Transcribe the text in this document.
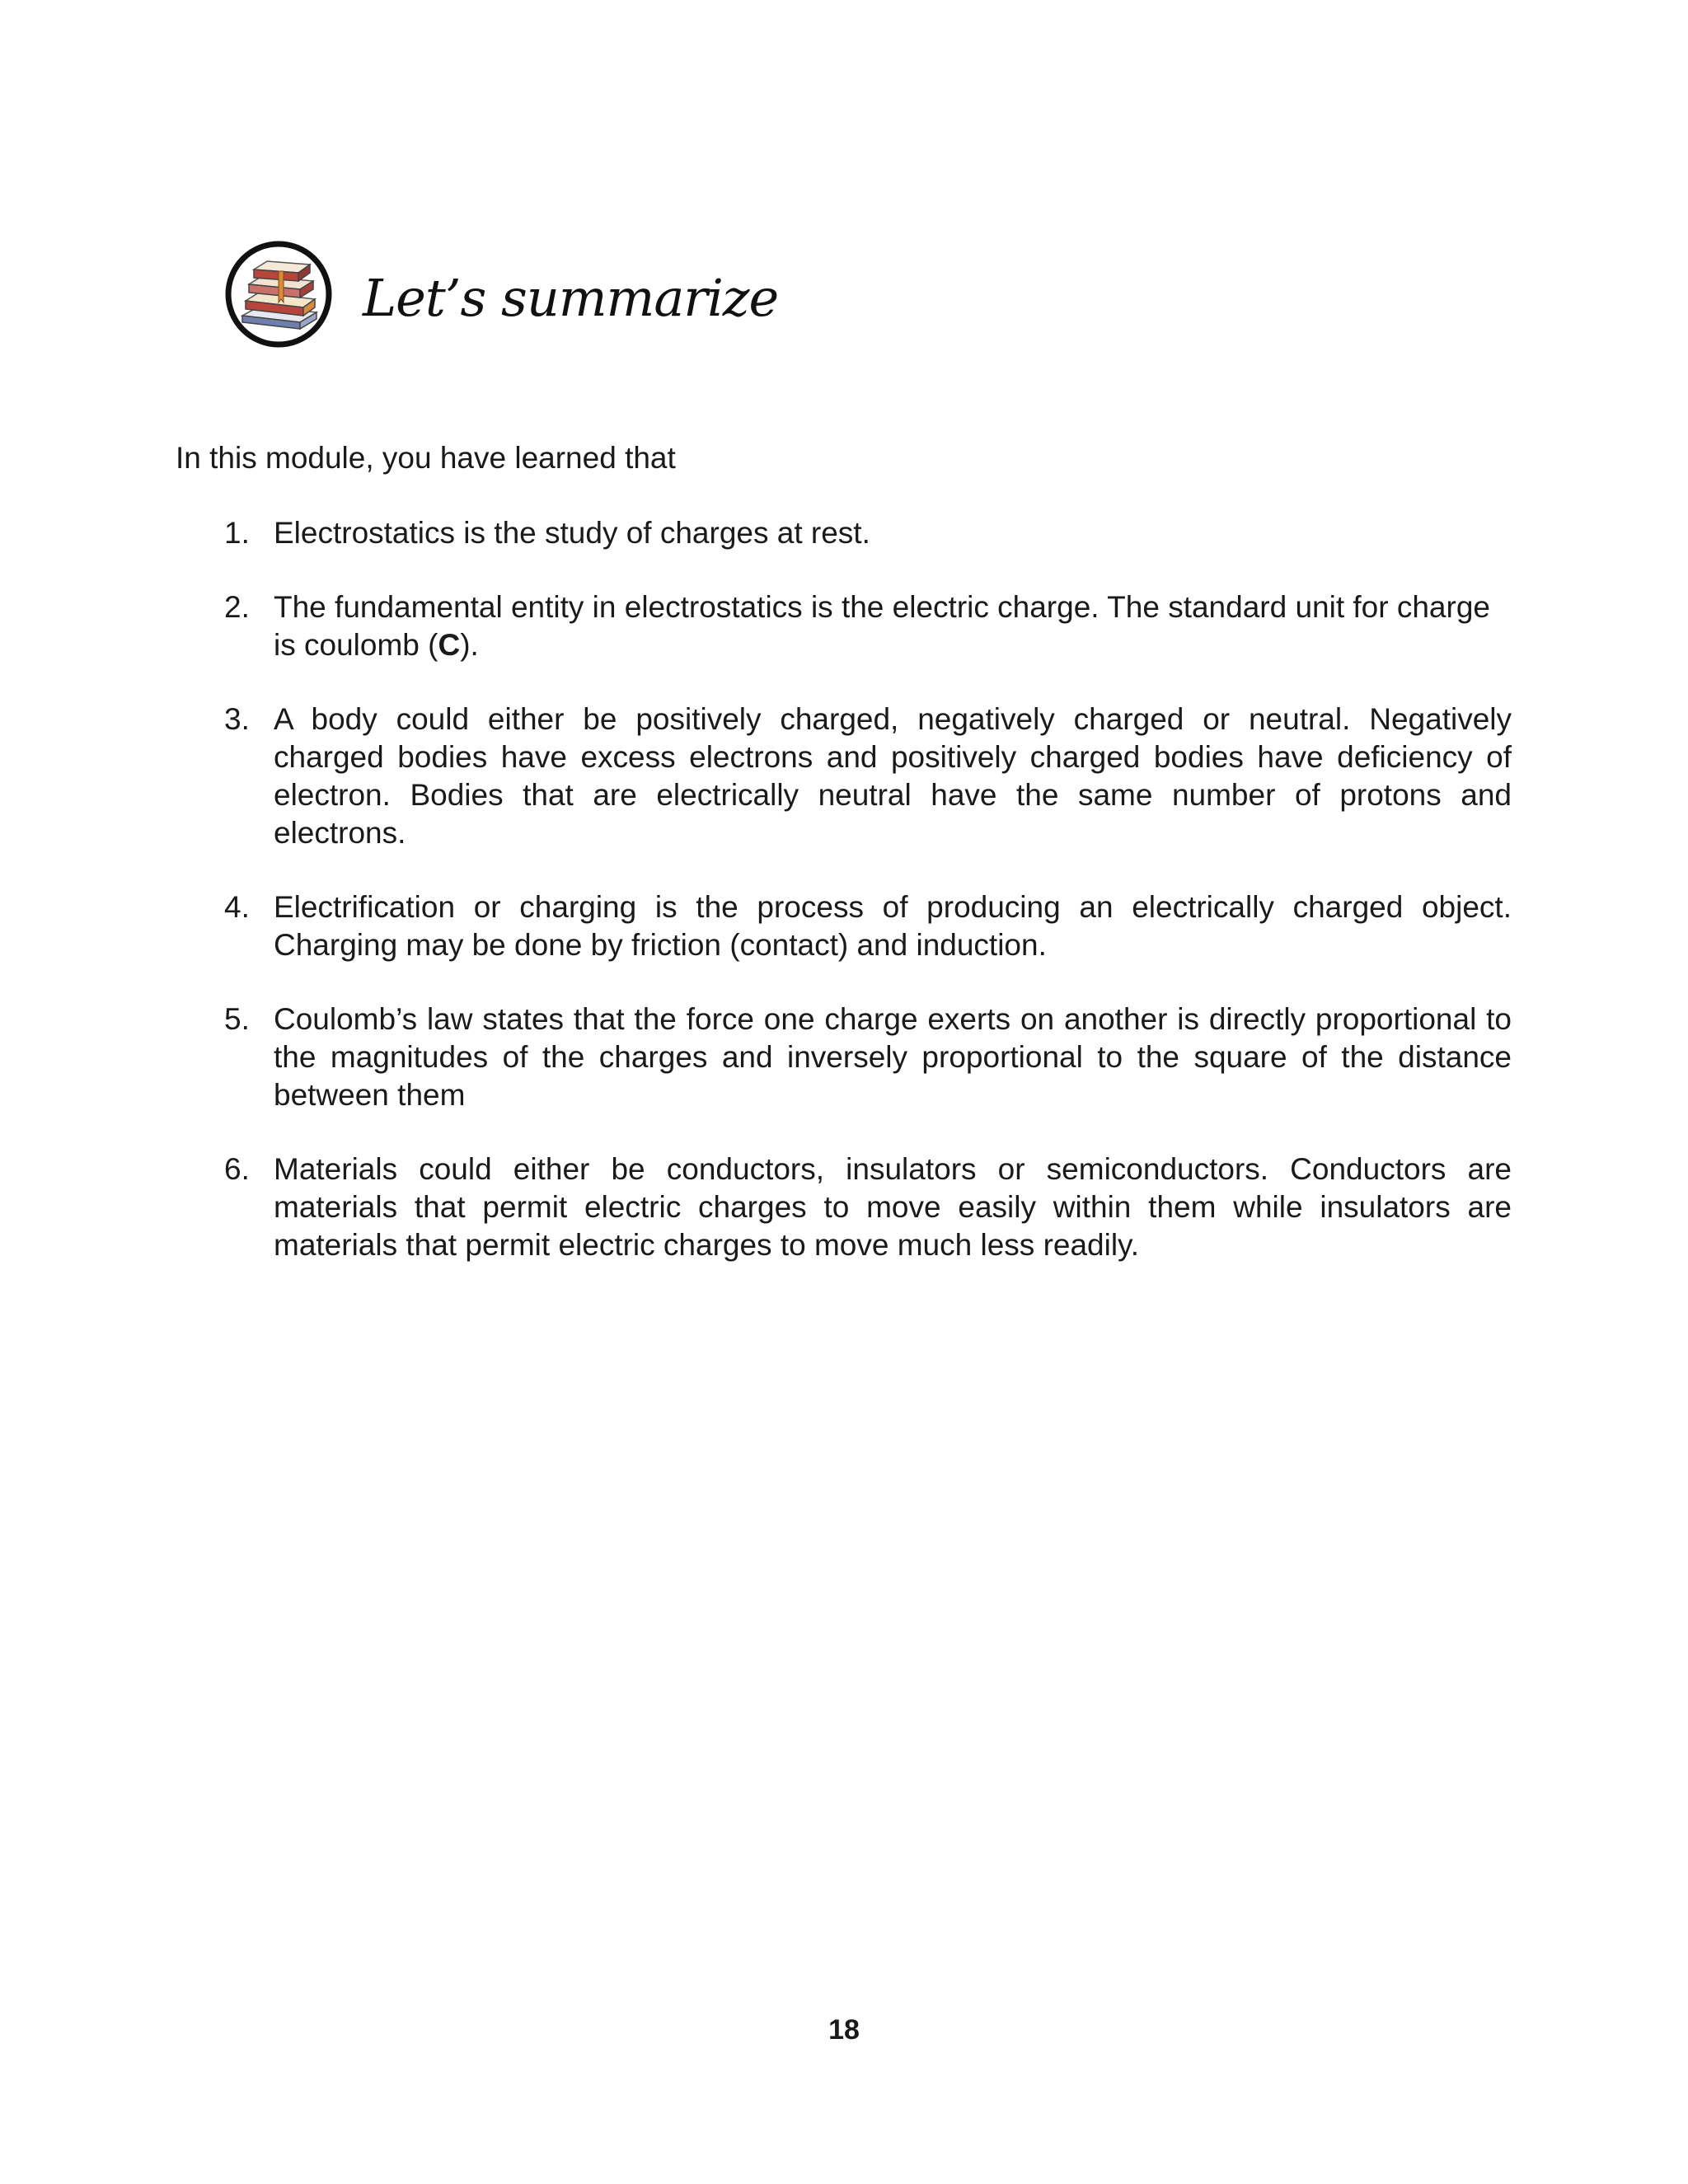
Let’s summarize
In this module, you have learned that
1. Electrostatics is the study of charges at rest.
2. The fundamental entity in electrostatics is the electric charge. The standard unit for charge is coulomb (C).
3. A body could either be positively charged, negatively charged or neutral. Negatively charged bodies have excess electrons and positively charged bodies have deficiency of electron. Bodies that are electrically neutral have the same number of protons and electrons.
4. Electrification or charging is the process of producing an electrically charged object. Charging may be done by friction (contact) and induction.
5. Coulomb’s law states that the force one charge exerts on another is directly proportional to the magnitudes of the charges and inversely proportional to the square of the distance between them
6. Materials could either be conductors, insulators or semiconductors. Conductors are materials that permit electric charges to move easily within them while insulators are materials that permit electric charges to move much less readily.
18
